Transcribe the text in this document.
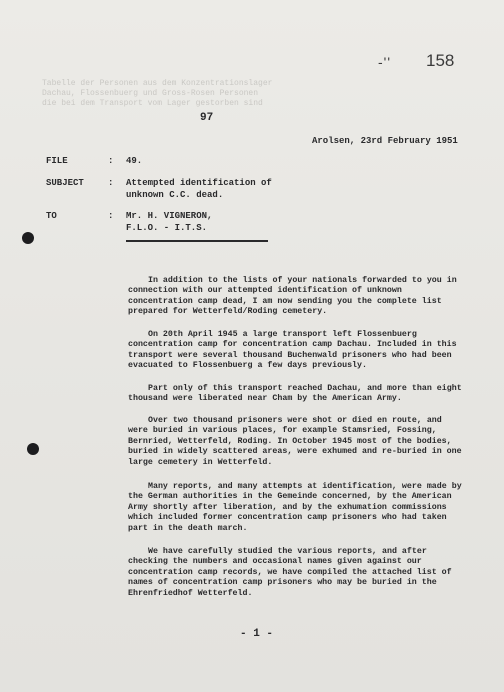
Tabelle der Personen aus dem Konzentrationslager
Dachau, Flossenbuerg und Gross-Rosen Personen
die bei dem Transport vom Lager gestorben sind
-ʹʹ 158
97
Arolsen, 23rd February 1951
FILE	: 49.
SUBJECT	: Attempted identification of
unknown C.C. dead.
TO	: Mr. H. VIGNERON,
F.L.O. - I.T.S.
In addition to the lists of your nationals forwarded to you in connection with our attempted identification of unknown concentration camp dead, I am now sending you the complete list prepared for Wetterfeld/Roding cemetery.
On 20th April 1945 a large transport left Flossenbuerg concentration camp for concentration camp Dachau. Included in this transport were several thousand Buchenwald prisoners who had been evacuated to Flossenbuerg a few days previously.
Part only of this transport reached Dachau, and more than eight thousand were liberated near Cham by the American Army.
Over two thousand prisoners were shot or died en route, and were buried in various places, for example Stamsried, Fossing, Bernried, Wetterfeld, Roding. In October 1945 most of the bodies, buried in widely scattered areas, were exhumed and re-buried in one large cemetery in Wetterfeld.
Many reports, and many attempts at identification, were made by the German authorities in the Gemeinde concerned, by the American Army shortly after liberation, and by the exhumation commissions which included former concentration camp prisoners who had taken part in the death march.
We have carefully studied the various reports, and after checking the numbers and occasional names given against our concentration camp records, we have compiled the attached list of names of concentration camp prisoners who may be buried in the Ehrenfriedhof Wetterfeld.
- 1 -
